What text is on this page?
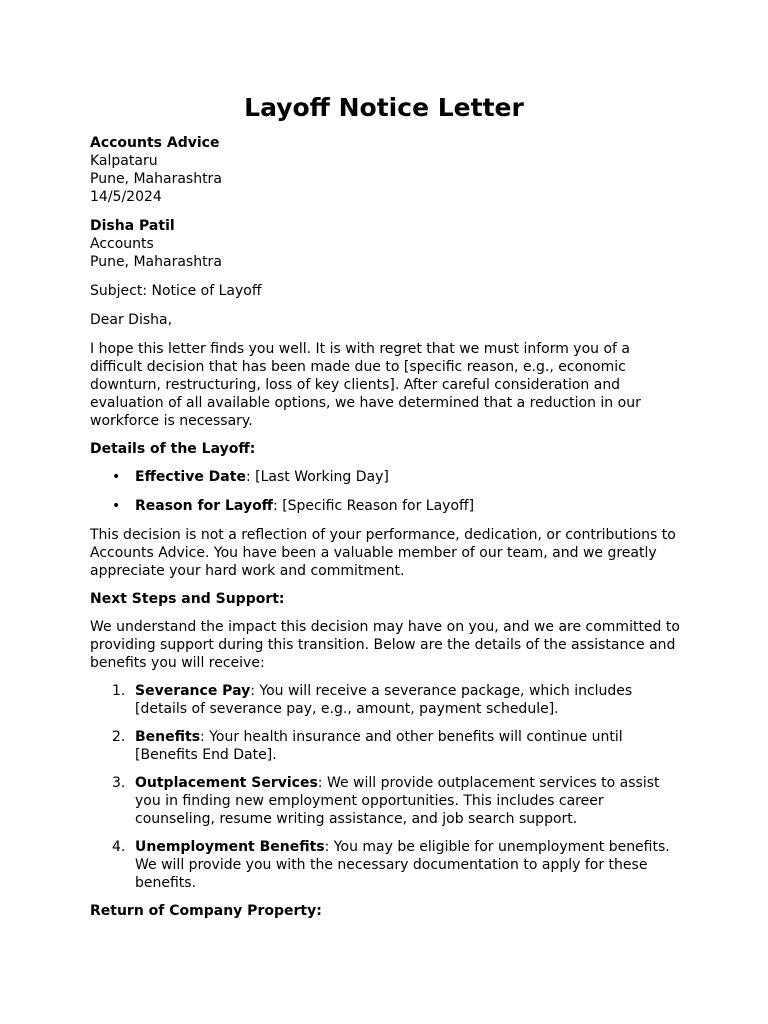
Layoff Notice Letter
Accounts Advice
Kalpataru
Pune, Maharashtra
14/5/2024
Disha Patil
Accounts
Pune, Maharashtra
Subject: Notice of Layoff
Dear Disha,
I hope this letter finds you well. It is with regret that we must inform you of a
difficult decision that has been made due to [specific reason, e.g., economic
downturn, restructuring, loss of key clients]. After careful consideration and
evaluation of all available options, we have determined that a reduction in our
workforce is necessary.
Details of the Layoff:
• Effective Date: [Last Working Day]
• Reason for Layoff: [Specific Reason for Layoff]
This decision is not a reflection of your performance, dedication, or contributions to
Accounts Advice. You have been a valuable member of our team, and we greatly
appreciate your hard work and commitment.
Next Steps and Support:
We understand the impact this decision may have on you, and we are committed to
providing support during this transition. Below are the details of the assistance and
benefits you will receive:
1. Severance Pay: You will receive a severance package, which includes
[details of severance pay, e.g., amount, payment schedule].
2. Benefits: Your health insurance and other benefits will continue until
[Benefits End Date].
3. Outplacement Services: We will provide outplacement services to assist
you in finding new employment opportunities. This includes career
counseling, resume writing assistance, and job search support.
4. Unemployment Benefits: You may be eligible for unemployment benefits.
We will provide you with the necessary documentation to apply for these
benefits.
Return of Company Property:
